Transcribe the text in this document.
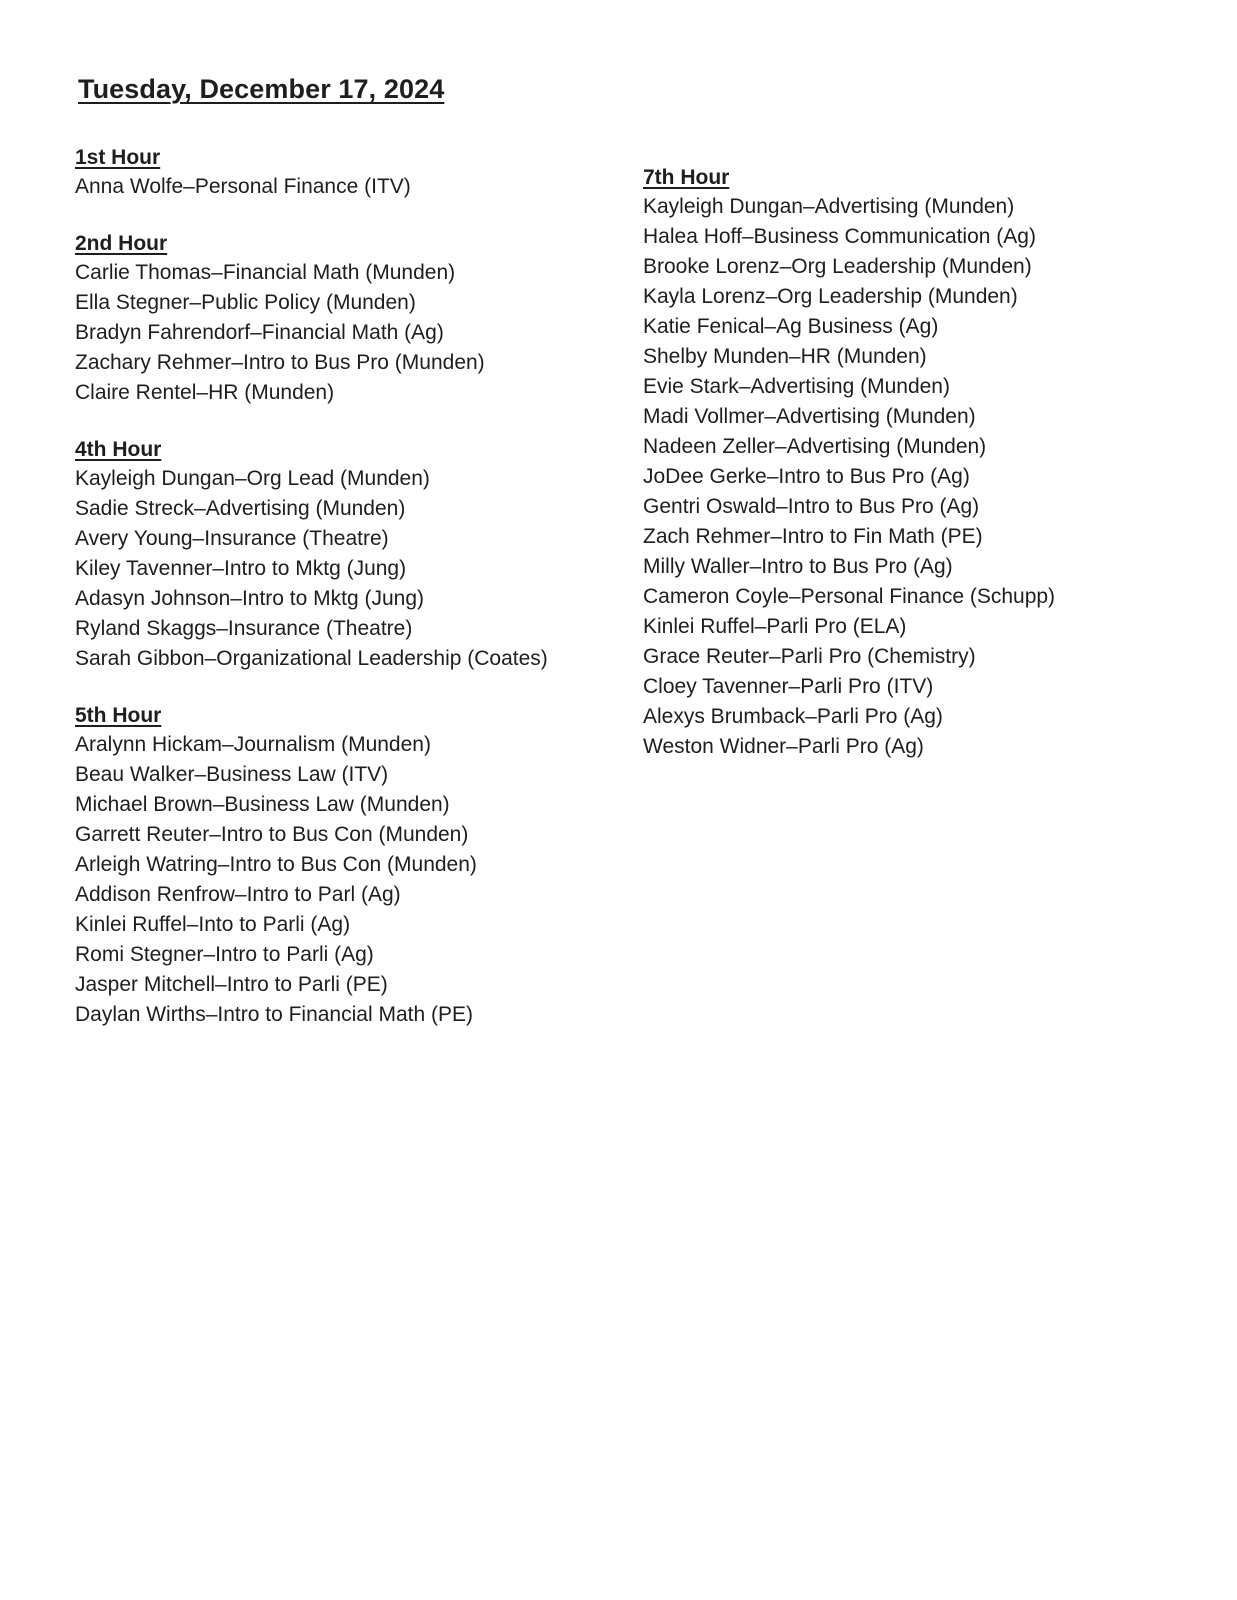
Tuesday, December 17, 2024
1st Hour
Anna Wolfe–Personal Finance (ITV)
2nd Hour
Carlie Thomas–Financial Math (Munden)
Ella Stegner–Public Policy (Munden)
Bradyn Fahrendorf–Financial Math (Ag)
Zachary Rehmer–Intro to Bus Pro (Munden)
Claire Rentel–HR (Munden)
4th Hour
Kayleigh Dungan–Org Lead (Munden)
Sadie Streck–Advertising (Munden)
Avery Young–Insurance (Theatre)
Kiley Tavenner–Intro to Mktg (Jung)
Adasyn Johnson–Intro to Mktg (Jung)
Ryland Skaggs–Insurance (Theatre)
Sarah Gibbon–Organizational Leadership (Coates)
5th Hour
Aralynn Hickam–Journalism (Munden)
Beau Walker–Business Law (ITV)
Michael Brown–Business Law (Munden)
Garrett Reuter–Intro to Bus Con (Munden)
Arleigh Watring–Intro to Bus Con (Munden)
Addison Renfrow–Intro to Parl (Ag)
Kinlei Ruffel–Into to Parli (Ag)
Romi Stegner–Intro to Parli (Ag)
Jasper Mitchell–Intro to Parli (PE)
Daylan Wirths–Intro to Financial Math (PE)
7th Hour
Kayleigh Dungan–Advertising (Munden)
Halea Hoff–Business Communication (Ag)
Brooke Lorenz–Org Leadership (Munden)
Kayla Lorenz–Org Leadership (Munden)
Katie Fenical–Ag Business (Ag)
Shelby Munden–HR (Munden)
Evie Stark–Advertising (Munden)
Madi Vollmer–Advertising (Munden)
Nadeen Zeller–Advertising (Munden)
JoDee Gerke–Intro to Bus Pro (Ag)
Gentri Oswald–Intro to Bus Pro (Ag)
Zach Rehmer–Intro to Fin Math (PE)
Milly Waller–Intro to Bus Pro (Ag)
Cameron Coyle–Personal Finance (Schupp)
Kinlei Ruffel–Parli Pro (ELA)
Grace Reuter–Parli Pro (Chemistry)
Cloey Tavenner–Parli Pro (ITV)
Alexys Brumback–Parli Pro (Ag)
Weston Widner–Parli Pro (Ag)
